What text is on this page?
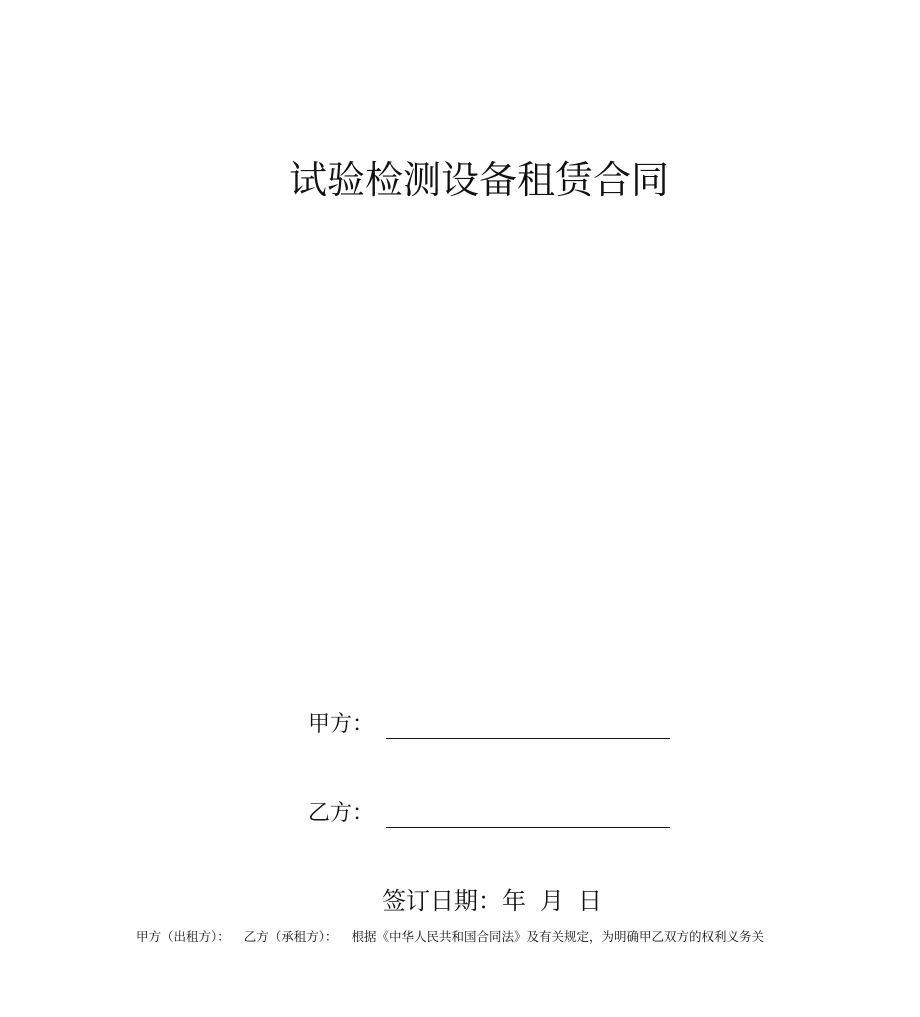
试验检测设备租赁合同
甲方：
乙方：
签订日期：年 月 日
甲方（出租方）： 乙方（承租方）： 根据《中华人民共和国合同法》及有关规定，为明确甲乙双方的权利义务关
